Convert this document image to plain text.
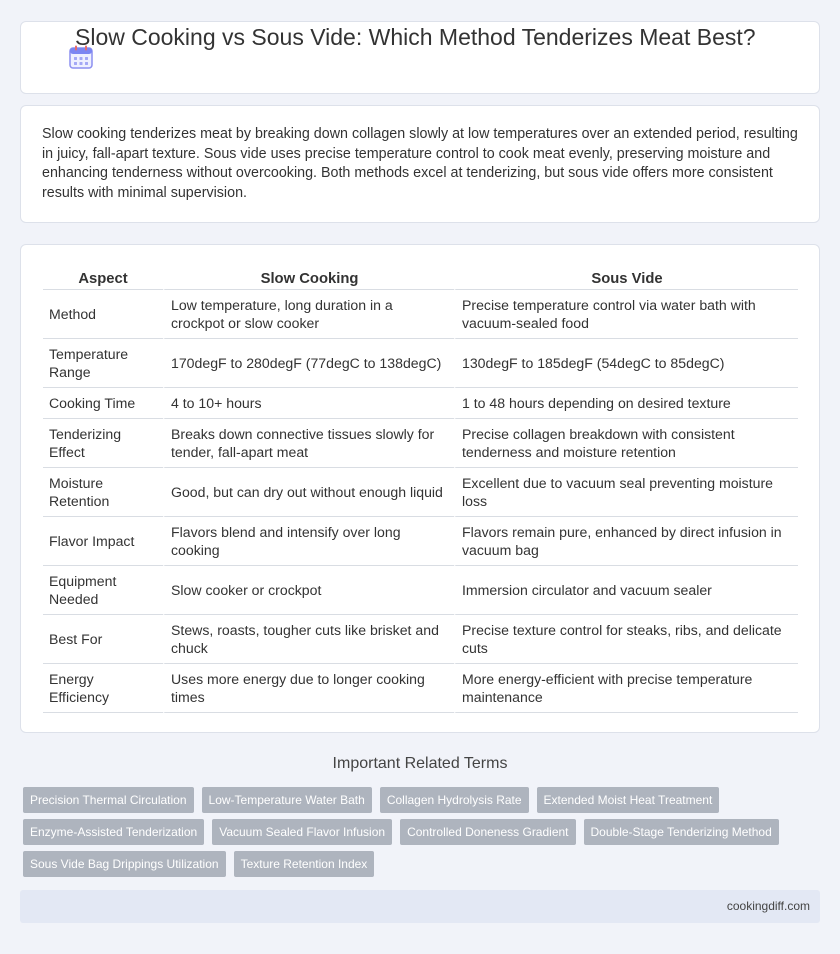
Slow Cooking vs Sous Vide: Which Method Tenderizes Meat Best?

Slow cooking tenderizes meat by breaking down collagen slowly at low temperatures over an extended period, resulting in juicy, fall-apart texture. Sous vide uses precise temperature control to cook meat evenly, preserving moisture and enhancing tenderness without overcooking. Both methods excel at tenderizing, but sous vide offers more consistent results with minimal supervision.

Aspect	Slow Cooking	Sous Vide
Method	Low temperature, long duration in a crockpot or slow cooker	Precise temperature control via water bath with vacuum-sealed food
Temperature Range	170degF to 280degF (77degC to 138degC)	130degF to 185degF (54degC to 85degC)
Cooking Time	4 to 10+ hours	1 to 48 hours depending on desired texture
Tenderizing Effect	Breaks down connective tissues slowly for tender, fall-apart meat	Precise collagen breakdown with consistent tenderness and moisture retention
Moisture Retention	Good, but can dry out without enough liquid	Excellent due to vacuum seal preventing moisture loss
Flavor Impact	Flavors blend and intensify over long cooking	Flavors remain pure, enhanced by direct infusion in vacuum bag
Equipment Needed	Slow cooker or crockpot	Immersion circulator and vacuum sealer
Best For	Stews, roasts, tougher cuts like brisket and chuck	Precise texture control for steaks, ribs, and delicate cuts
Energy Efficiency	Uses more energy due to longer cooking times	More energy-efficient with precise temperature maintenance
Important Related Terms
Precision Thermal Circulation	Low-Temperature Water Bath	Collagen Hydrolysis Rate	Extended Moist Heat Treatment
Enzyme-Assisted Tenderization	Vacuum Sealed Flavor Infusion	Controlled Doneness Gradient	Double-Stage Tenderizing Method
Sous Vide Bag Drippings Utilization	Texture Retention Index
cookingdiff.com
